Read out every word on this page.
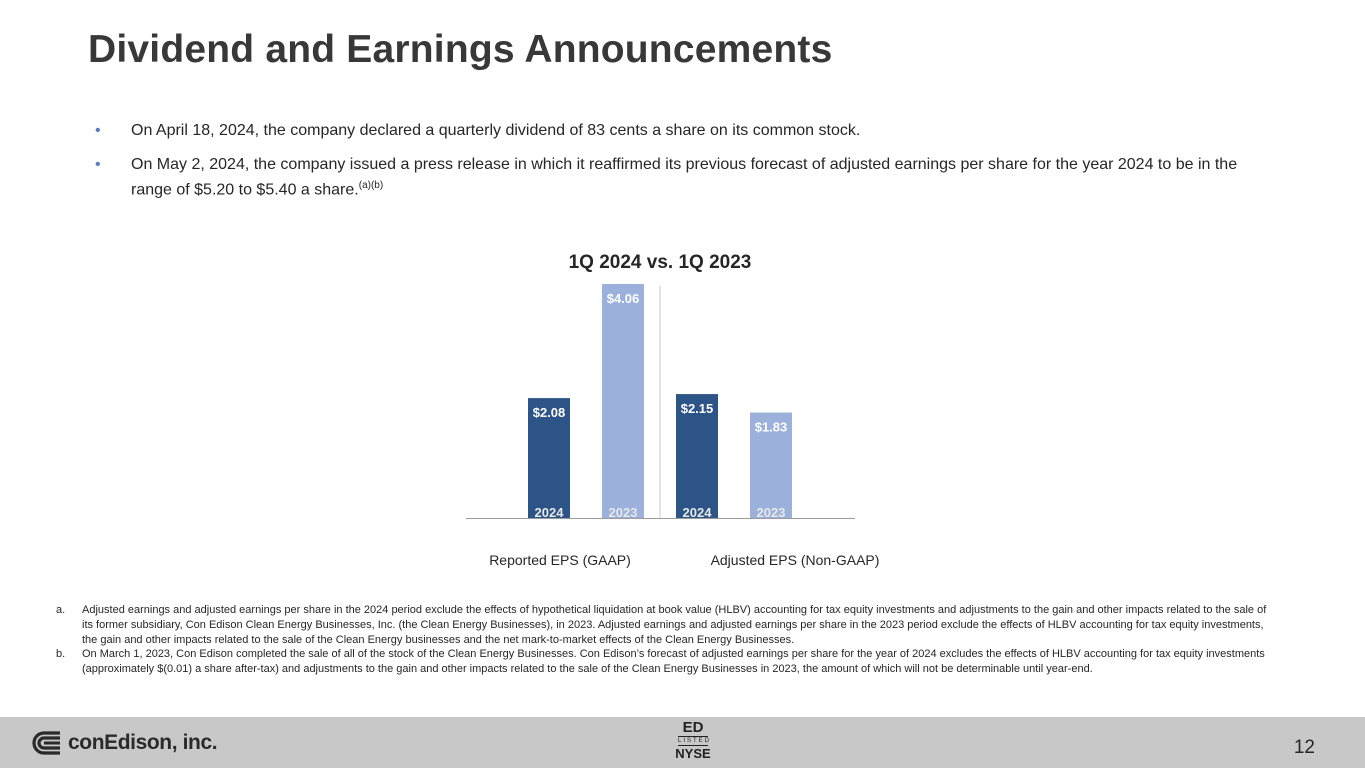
Dividend and Earnings Announcements
• On April 18, 2024, the company declared a quarterly dividend of 83 cents a share on its common stock.
• On May 2, 2024, the company issued a press release in which it reaffirmed its previous forecast of adjusted earnings per share for the year 2024 to be in the range of $5.20 to $5.40 a share.$^{(a)(b)}$
1Q 2024 vs. 1Q 2023
$2.08
2024
$4.06
2023
$2.15
2024
$1.83
2023
Reported EPS (GAAP)	Adjusted EPS (Non-GAAP)
a. Adjusted earnings and adjusted earnings per share in the 2024 period exclude the effects of hypothetical liquidation at book value (HLBV) accounting for tax equity investments and adjustments to the gain and other impacts related to the sale of its former subsidiary, Con Edison Clean Energy Businesses, Inc. (the Clean Energy Businesses), in 2023. Adjusted earnings and adjusted earnings per share in the 2023 period exclude the effects of HLBV accounting for tax equity investments, the gain and other impacts related to the sale of the Clean Energy businesses and the net mark-to-market effects of the Clean Energy Businesses.
b. On March 1, 2023, Con Edison completed the sale of all of the stock of the Clean Energy Businesses. Con Edison’s forecast of adjusted earnings per share for the year of 2024 excludes the effects of HLBV accounting for tax equity investments (approximately $(0.01) a share after-tax) and adjustments to the gain and other impacts related to the sale of the Clean Energy Businesses in 2023, the amount of which will not be determinable until year-end.
conEdison, inc.
ED
LISTED
NYSE	12
